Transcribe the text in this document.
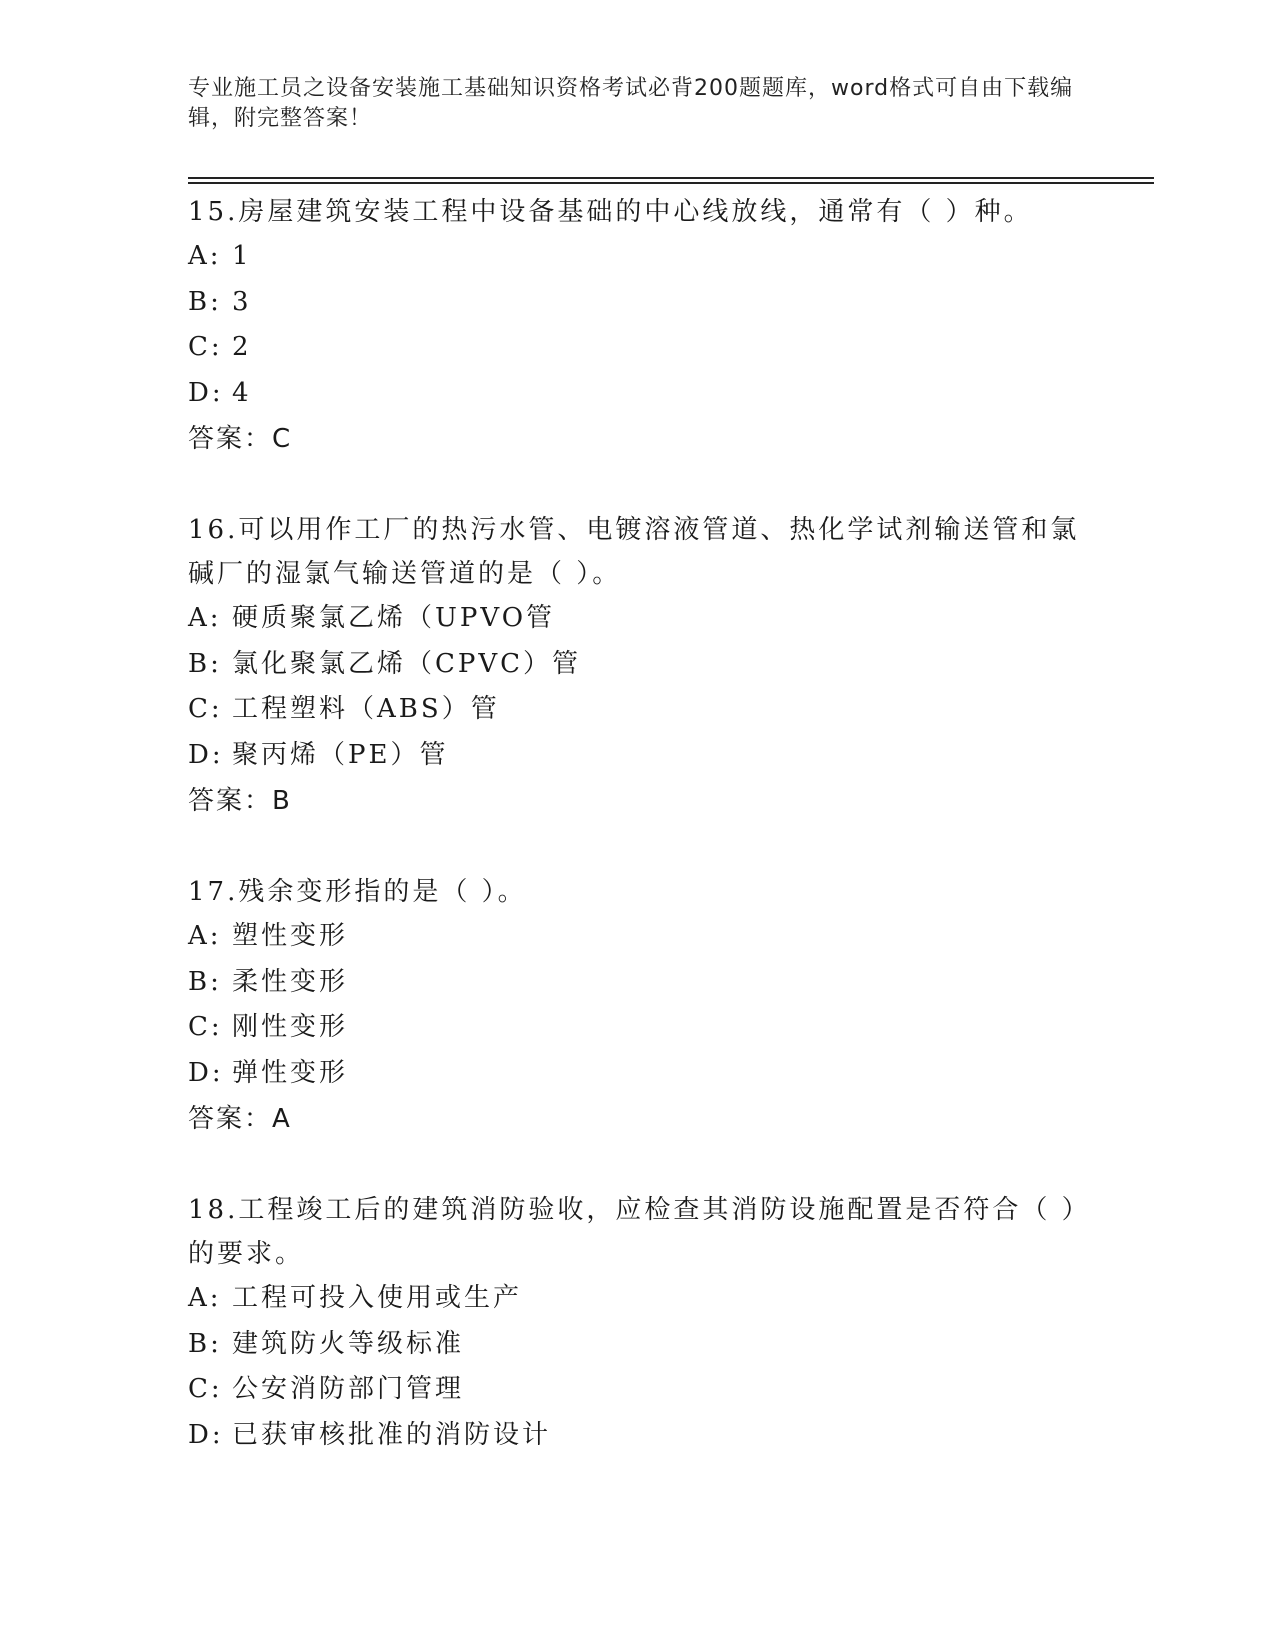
专业施工员之设备安装施工基础知识资格考试必背200题题库，word格式可自由下载编辑，附完整答案！

15.房屋建筑安装工程中设备基础的中心线放线，通常有（ ）种。

A: 1
B: 3
C: 2
D: 4
答案：C

16.可以用作工厂的热污水管、电镀溶液管道、热化学试剂输送管和氯碱厂的湿氯气输送管道的是（ ）。

A: 硬质聚氯乙烯（UPVO管
B: 氯化聚氯乙烯（CPVC）管
C: 工程塑料（ABS）管
D: 聚丙烯（PE）管
答案：B

17.残余变形指的是（ ）。

A: 塑性变形
B: 柔性变形
C: 刚性变形
D: 弹性变形
答案：A

18.工程竣工后的建筑消防验收，应检查其消防设施配置是否符合（ ）的要求。

A: 工程可投入使用或生产
B: 建筑防火等级标准
C: 公安消防部门管理
D: 已获审核批准的消防设计
